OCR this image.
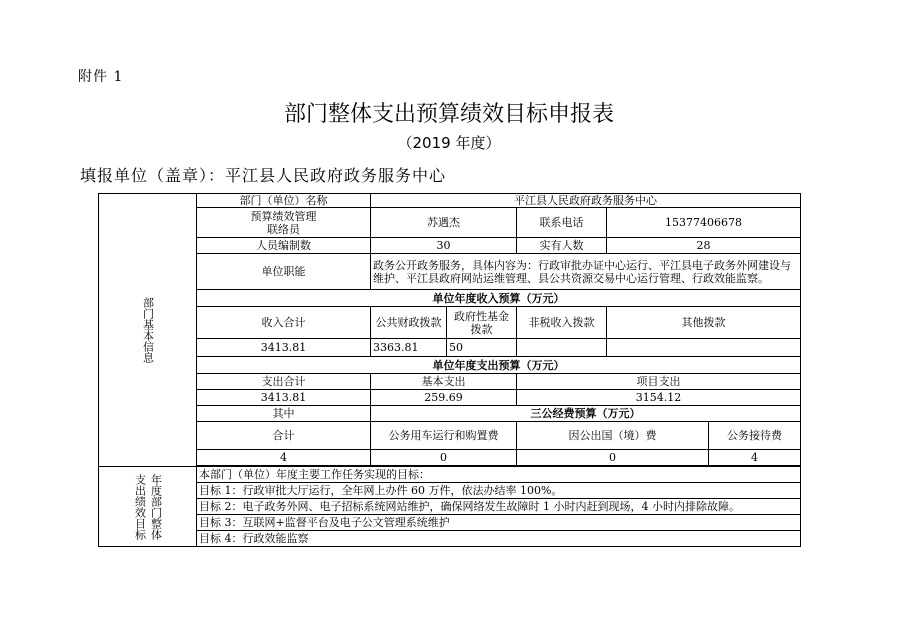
附件 1
部门整体支出预算绩效目标申报表
（2019 年度）
填报单位（盖章）：平江县人民政府政务服务中心
部门基本信息	部门（单位）名称	平江县人民政府政务服务中心				

	预算绩效管理
联络员	苏遇杰		联系电话	15377406678	
	人员编制数	30		实有人数	28	
	单位职能	政务公开政务服务，具体内容为：行政审批办证中心运行、平江县电子政务外网建设与维护、平江县政府网站运维管理、县公共资源交易中心运行管理、行政效能监察。				
	单位年度收入预算（万元）					
	收入合计	公共财政拨款	政府性基金拨款	非税收入拨款	其他拨款	
	3413.81	3363.81	50			
	单位年度支出预算（万元）					
	支出合计	基本支出		项目支出		
	3413.81	259.69		3154.12		
	其中	三公经费预算（万元）				
	合计	公务用车运行和购置费		因公出国（境）费		公务接待费
	4	0		0		4

支出绩效目标 年度部门整体	本部门（单位）年度主要工作任务实现的目标：					
	目标 1：行政审批大厅运行，全年网上办件 60 万件，依法办结率 100%。					
	目标 2：电子政务外网、电子招标系统网站维护，确保网络发生故障时 1 小时内赶到现场，4 小时内排除故障。					
	目标 3：互联网+监督平台及电子公文管理系统维护					
	目标 4：行政效能监察					
